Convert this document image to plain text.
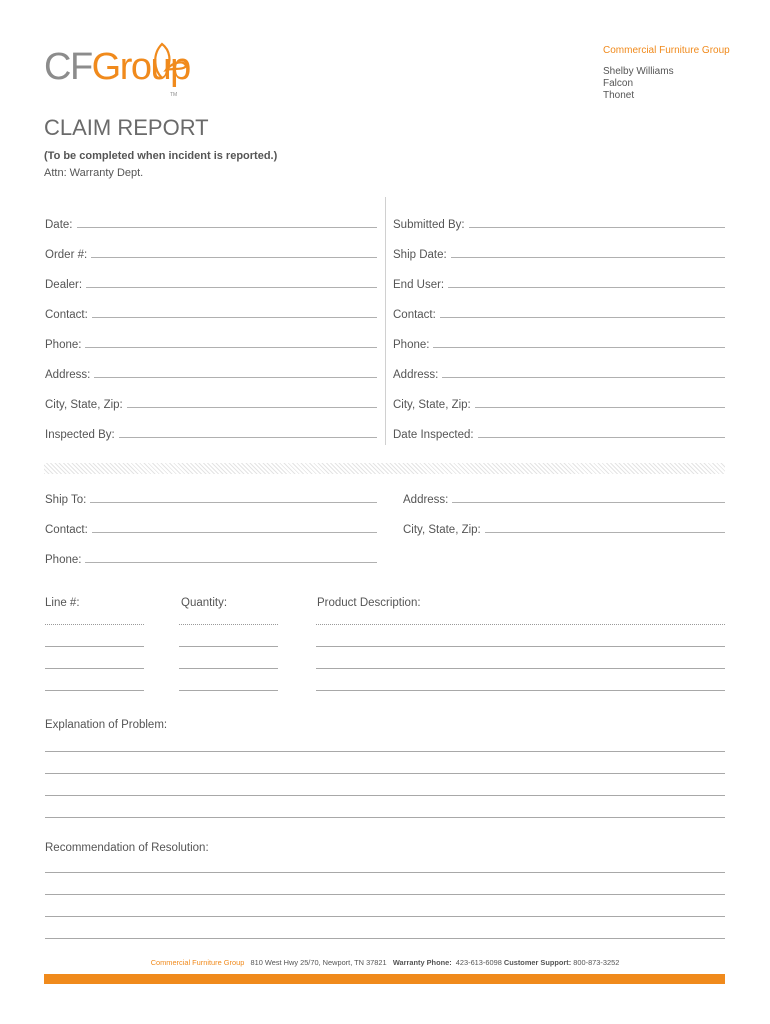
CFGroup
TM
Commercial Furniture Group
Shelby Williams
Falcon
Thonet
CLAIM REPORT
(To be completed when incident is reported.)
Attn: Warranty Dept.
Date:
Order #:
Dealer:
Contact:
Phone:
Address:
City, State, Zip:
Inspected By:
Submitted By:
Ship Date:
End User:
Contact:
Phone:
Address:
City, State, Zip:
Date Inspected:
Ship To:
Contact:
Phone:
Address:
City, State, Zip:
Line #:	Quantity:	Product Description:
Explanation of Problem:
Recommendation of Resolution:
Commercial Furniture Group 810 West Hwy 25/70, Newport, TN 37821 Warranty Phone: 423-613-6098 Customer Support: 800-873-3252
